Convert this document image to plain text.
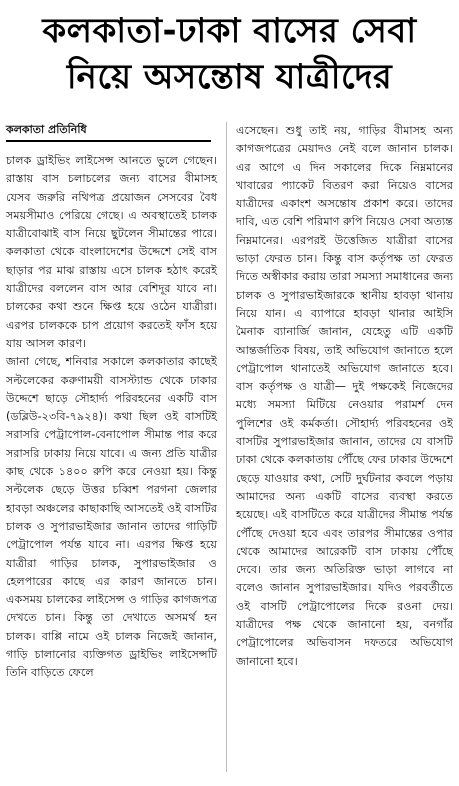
কলকাতা-ঢাকা বাসের সেবা
নিয়ে অসন্তোষ যাত্রীদের
কলকাতা প্রতিনিধি

চালক ড্রাইভিং লাইসেন্স আনতে ভুলে গেছেন। রাস্তায় বাস চলাচলের জন্য বাসের বীমাসহ যেসব জরুরি নথিপত্র প্রয়োজন সেসবের বৈধ সময়সীমাও পেরিয়ে গেছে। এ অবস্থাতেই চালক যাত্রীবোঝাই বাস নিয়ে ছুটলেন সীমান্তের পারে। কলকাতা থেকে বাংলাদেশের উদ্দেশে সেই বাস ছাড়ার পর মাঝ রাস্তায় এসে চালক হঠাৎ করেই যাত্রীদের বললেন বাস আর বেশিদূর যাবে না। চালকের কথা শুনে ক্ষিপ্ত হয়ে ওঠেন যাত্রীরা। এরপর চালককে চাপ প্রয়োগ করতেই ফাঁস হয়ে যায় আসল কারণ।

জানা গেছে, শনিবার সকালে কলকাতার কাছেই সল্টলেকের করুণাময়ী বাসস্ট্যান্ড থেকে ঢাকার উদ্দেশে ছাড়ে সৌহার্দ্য পরিবহনের একটি বাস (ডব্লিউ-২৩বি-৭৯২৪)। কথা ছিল ওই বাসটিই সরাসরি পেট্রাপোল-বেনাপোল সীমান্ত পার করে সরাসরি ঢাকায় নিয়ে যাবে। এ জন্য প্রতি যাত্রীর কাছ থেকে ১৪০০ রুপি করে নেওয়া হয়। কিন্তু সল্টলেক ছেড়ে উত্তর চব্বিশ পরগনা জেলার হাবড়া অঞ্চলের কাছাকাছি আসতেই ওই বাসটির চালক ও সুপারভাইজার জানান তাদের গাড়িটি পেট্রাপোল পর্যন্ত যাবে না। এরপর ক্ষিপ্ত হয়ে যাত্রীরা গাড়ির চালক, সুপারভাইজার ও হেলপারের কাছে এর কারণ জানতে চান। একসময় চালকের লাইসেন্স ও গাড়ির কাগজপত্র দেখতে চান। কিন্তু তা দেখাতে অসমর্থ হন চালক। বাপ্পি নামে ওই চালক নিজেই জানান, গাড়ি চালানোর ব্যক্তিগত ড্রাইভিং লাইসেন্সটি তিনি বাড়িতে ফেলে

এসেছেন। শুধু তাই নয়, গাড়ির বীমাসহ অন্য কাগজপত্রের মেয়াদও নেই বলে জানান চালক। এর আগে এ দিন সকালের দিকে নিম্নমানের খাবারের প্যাকেট বিতরণ করা নিয়েও বাসের যাত্রীদের একাংশ অসন্তোষ প্রকাশ করে। তাদের দাবি, এত বেশি পরিমাণ রুপি নিয়েও সেবা অত্যন্ত নিম্নমানের। এরপরই উত্তেজিত যাত্রীরা বাসের ভাড়া ফেরত চান। কিন্তু বাস কর্তৃপক্ষ তা ফেরত দিতে অস্বীকার করায় তারা সমস্যা সমাধানের জন্য চালক ও সুপারভাইজারকে স্থানীয় হাবড়া থানায় নিয়ে যান। এ ব্যাপারে হাবড়া থানার আইসি মৈনাক ব্যানার্জি জানান, যেহেতু এটি একটি আন্তর্জাতিক বিষয়, তাই অভিযোগ জানাতে হলে পেট্রাপোল থানাতেই অভিযোগ জানাতে হবে। বাস কর্তৃপক্ষ ও যাত্রী— দুই পক্ষকেই নিজেদের মধ্যে সমস্যা মিটিয়ে নেওয়ার পরামর্শ দেন পুলিশের ওই কর্মকর্তা। সৌহার্দ্য পরিবহনের ওই বাসটির সুপারভাইজার জানান, তাদের যে বাসটি ঢাকা থেকে কলকাতায় পৌঁছে ফের ঢাকার উদ্দেশে ছেড়ে যাওয়ার কথা, সেটি দুর্ঘটনার কবলে পড়ায় আমাদের অন্য একটি বাসের ব্যবস্থা করতে হয়েছে। এই বাসটিতে করে যাত্রীদের সীমান্ত পর্যন্ত পৌঁছে দেওয়া হবে এবং তারপর সীমান্তের ওপার থেকে আমাদের আরেকটি বাস ঢাকায় পৌঁছে দেবে। তার জন্য অতিরিক্ত ভাড়া লাগবে না বলেও জানান সুপারভাইজার। যদিও পরবর্তীতে ওই বাসটি পেট্রাপোলের দিকে রওনা দেয়। যাত্রীদের পক্ষ থেকে জানানো হয়, বনগাঁর পেট্রাপোলের অভিবাসন দফতরে অভিযোগ জানানো হবে।
